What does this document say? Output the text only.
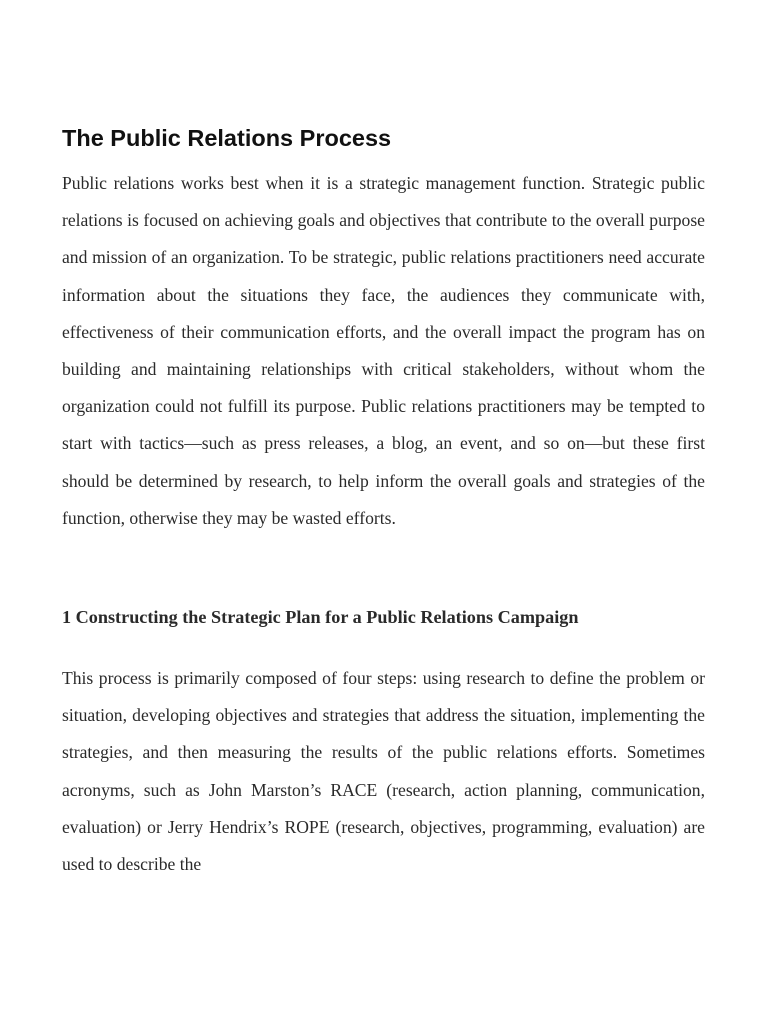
The Public Relations Process

Public relations works best when it is a strategic management function. Strategic public relations is focused on achieving goals and objectives that contribute to the overall purpose and mission of an organization. To be strategic, public relations practitioners need accurate information about the situations they face, the audiences they communicate with, effectiveness of their communication efforts, and the overall impact the program has on building and maintaining relationships with critical stakeholders, without whom the organization could not fulfill its purpose. Public relations practitioners may be tempted to start with tactics—such as press releases, a blog, an event, and so on—but these first should be determined by research, to help inform the overall goals and strategies of the function, otherwise they may be wasted efforts.

1 Constructing the Strategic Plan for a Public Relations Campaign

This process is primarily composed of four steps: using research to define the problem or situation, developing objectives and strategies that address the situation, implementing the strategies, and then measuring the results of the public relations efforts. Sometimes acronyms, such as John Marston’s RACE (research, action planning, communication, evaluation) or Jerry Hendrix’s ROPE (research, objectives, programming, evaluation) are used to describe the
